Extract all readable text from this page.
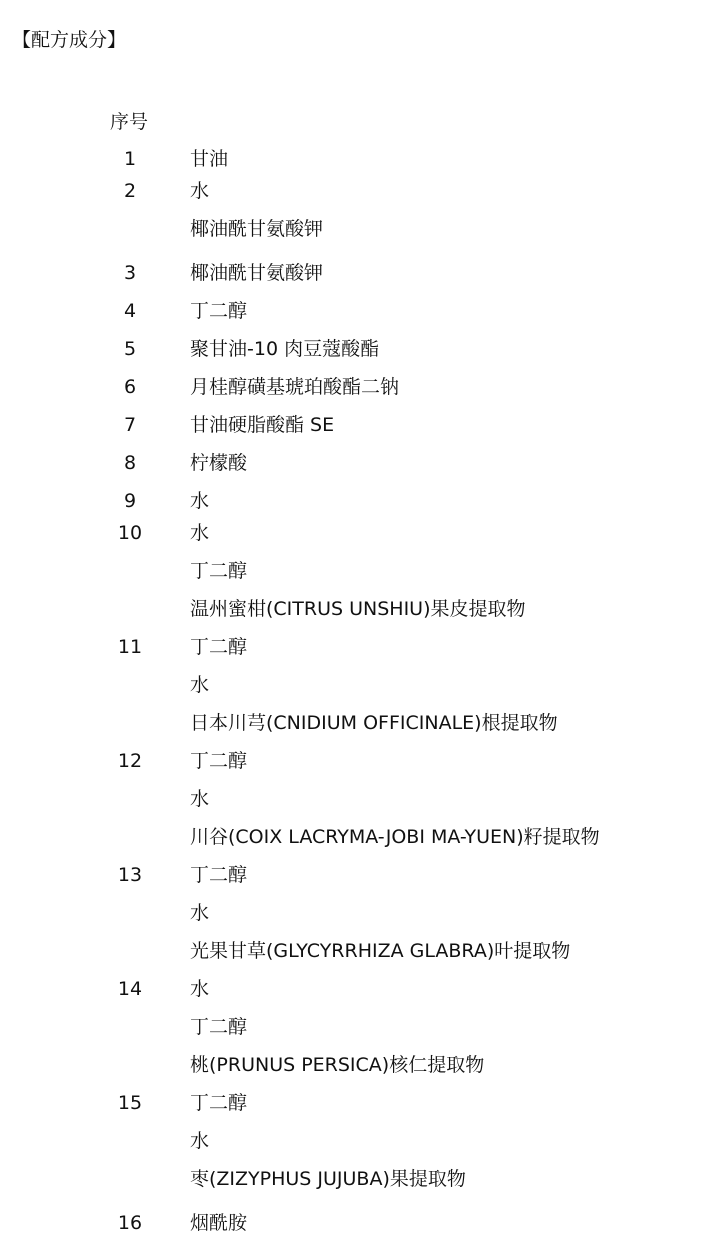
【配方成分】
序号
1	甘油
2	水
椰油酰甘氨酸钾
3	椰油酰甘氨酸钾
4	丁二醇
5	聚甘油-10 肉豆蔻酸酯
6	月桂醇磺基琥珀酸酯二钠
7	甘油硬脂酸酯 SE
8	柠檬酸
9	水
10	水
丁二醇
温州蜜柑(CITRUS UNSHIU)果皮提取物
11	丁二醇
水
日本川芎(CNIDIUM OFFICINALE)根提取物
12	丁二醇
水
川谷(COIX LACRYMA-JOBI MA-YUEN)籽提取物
13	丁二醇
水
光果甘草(GLYCYRRHIZA GLABRA)叶提取物
14	水
丁二醇
桃(PRUNUS PERSICA)核仁提取物
15	丁二醇
水
枣(ZIZYPHUS JUJUBA)果提取物
16	烟酰胺
